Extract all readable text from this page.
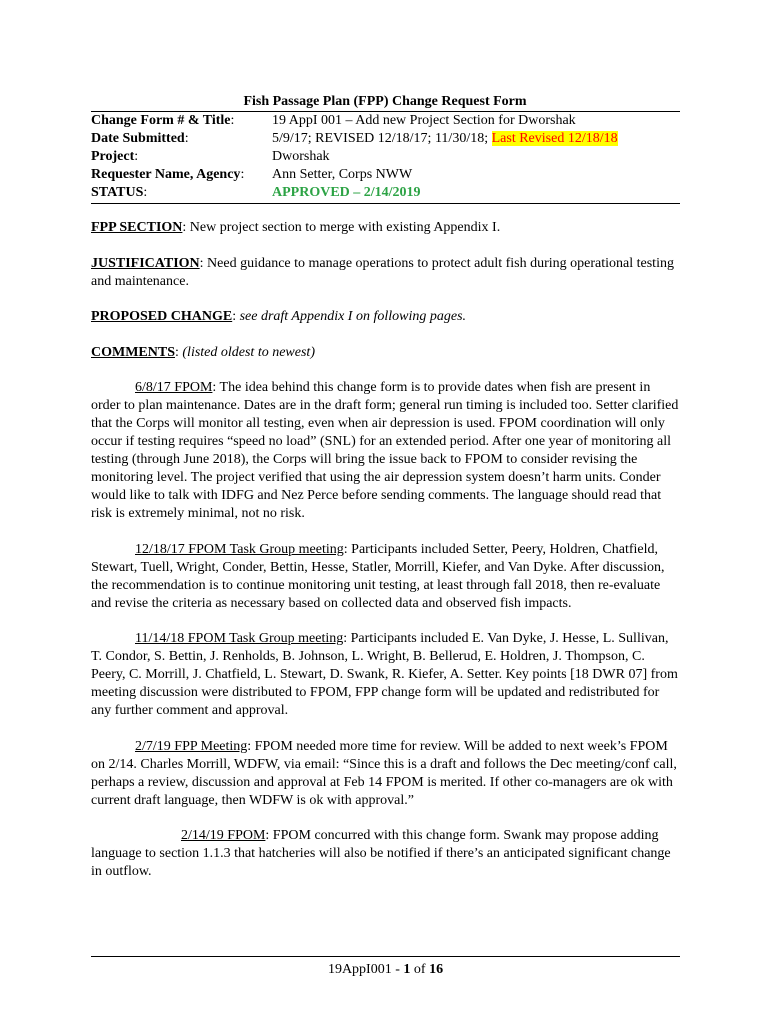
Fish Passage Plan (FPP) Change Request Form
Change Form # & Title:	19 AppI 001 – Add new Project Section for Dworshak
Date Submitted:	5/9/17; REVISED 12/18/17; 11/30/18; Last Revised 12/18/18
Project:	Dworshak
Requester Name, Agency:	Ann Setter, Corps NWW
STATUS:	APPROVED – 2/14/2019

FPP SECTION: New project section to merge with existing Appendix I.

JUSTIFICATION: Need guidance to manage operations to protect adult fish during operational testing and maintenance.

PROPOSED CHANGE: see draft Appendix I on following pages.

COMMENTS: (listed oldest to newest)

6/8/17 FPOM: The idea behind this change form is to provide dates when fish are present in order to plan maintenance. Dates are in the draft form; general run timing is included too. Setter clarified that the Corps will monitor all testing, even when air depression is used. FPOM coordination will only occur if testing requires “speed no load” (SNL) for an extended period. After one year of monitoring all testing (through June 2018), the Corps will bring the issue back to FPOM to consider revising the monitoring level. The project verified that using the air depression system doesn’t harm units. Conder would like to talk with IDFG and Nez Perce before sending comments. The language should read that risk is extremely minimal, not no risk.

12/18/17 FPOM Task Group meeting: Participants included Setter, Peery, Holdren, Chatfield, Stewart, Tuell, Wright, Conder, Bettin, Hesse, Statler, Morrill, Kiefer, and Van Dyke. After discussion, the recommendation is to continue monitoring unit testing, at least through fall 2018, then re-evaluate and revise the criteria as necessary based on collected data and observed fish impacts.

11/14/18 FPOM Task Group meeting: Participants included E. Van Dyke, J. Hesse, L. Sullivan, T. Condor, S. Bettin, J. Renholds, B. Johnson, L. Wright, B. Bellerud, E. Holdren, J. Thompson, C. Peery, C. Morrill, J. Chatfield, L. Stewart, D. Swank, R. Kiefer, A. Setter. Key points [18 DWR 07] from meeting discussion were distributed to FPOM, FPP change form will be updated and redistributed for any further comment and approval.

2/7/19 FPP Meeting: FPOM needed more time for review. Will be added to next week’s FPOM on 2/14. Charles Morrill, WDFW, via email: “Since this is a draft and follows the Dec meeting/conf call, perhaps a review, discussion and approval at Feb 14 FPOM is merited. If other co-managers are ok with current draft language, then WDFW is ok with approval.”

2/14/19 FPOM: FPOM concurred with this change form. Swank may propose adding language to section 1.1.3 that hatcheries will also be notified if there’s an anticipated significant change in outflow.

19AppI001 - 1 of 16
